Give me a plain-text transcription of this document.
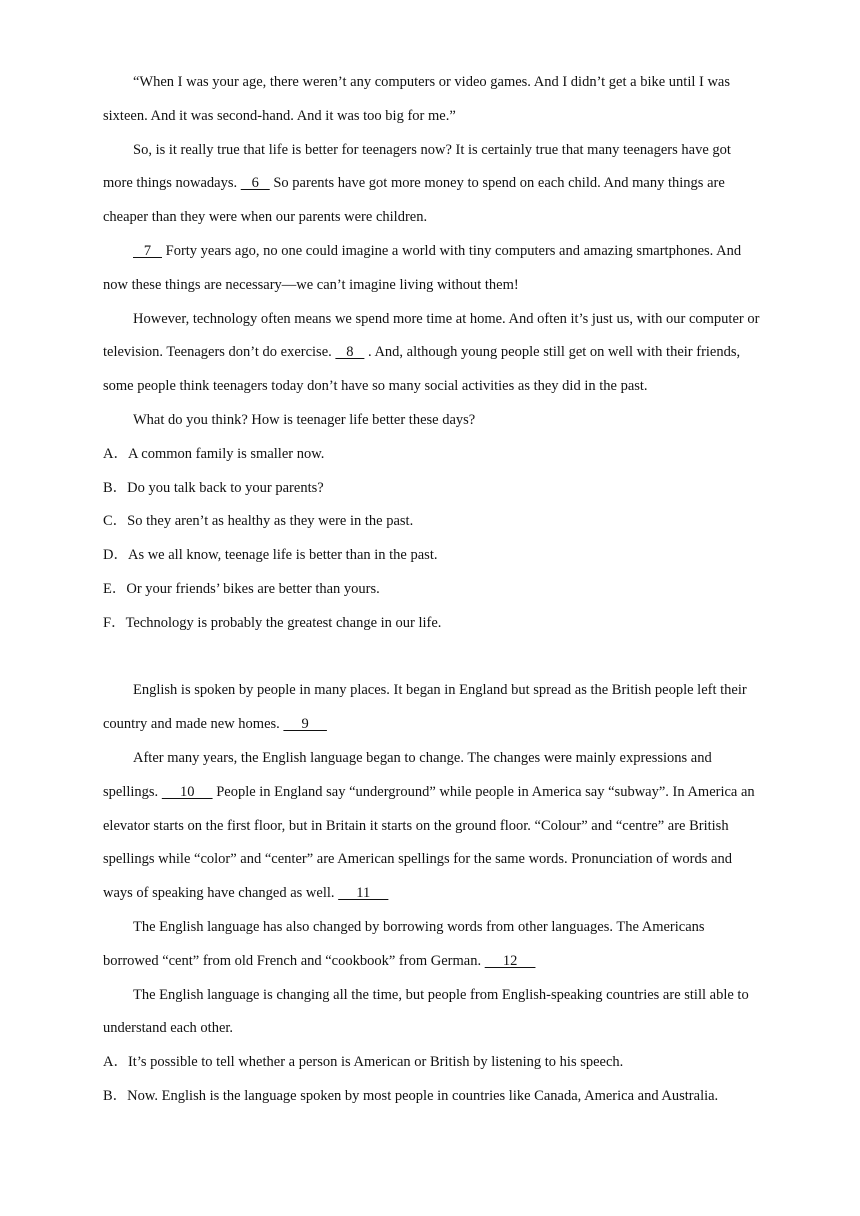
“When I was your age, there weren’t any computers or video games. And I didn’t get a bike until I was sixteen. And it was second-hand. And it was too big for me.”

So, is it really true that life is better for teenagers now? It is certainly true that many teenagers have got more things nowadays.    6    So parents have got more money to spend on each child. And many things are cheaper than they were when our parents were children.

7    Forty years ago, no one could imagine a world with tiny computers and amazing smartphones. And now these things are necessary—we can’t imagine living without them!

However, technology often means we spend more time at home. And often it’s just us, with our computer or television. Teenagers don’t do exercise.    8    . And, although young people still get on well with their friends, some people think teenagers today don’t have so many social activities as they did in the past.

What do you think? How is teenager life better these days?

A．A common family is smaller now.

B．Do you talk back to your parents?

C．So they aren’t as healthy as they were in the past.

D．As we all know, teenage life is better than in the past.

E．Or your friends’ bikes are better than yours.

F．Technology is probably the greatest change in our life.

English is spoken by people in many places. It began in England but spread as the British people left their country and made new homes.      9

After many years, the English language began to change. The changes were mainly expressions and spellings.      10      People in England say “underground” while people in America say “subway”. In America an elevator starts on the first floor, but in Britain it starts on the ground floor. “Colour” and “centre” are British spellings while “color” and “center” are American spellings for the same words. Pronunciation of words and ways of speaking have changed as well.      11

The English language has also changed by borrowing words from other languages. The Americans borrowed “cent” from old French and “cookbook” from German.      12

The English language is changing all the time, but people from English-speaking countries are still able to understand each other.

A．It’s possible to tell whether a person is American or British by listening to his speech.

B．Now. English is the language spoken by most people in countries like Canada, America and Australia.
